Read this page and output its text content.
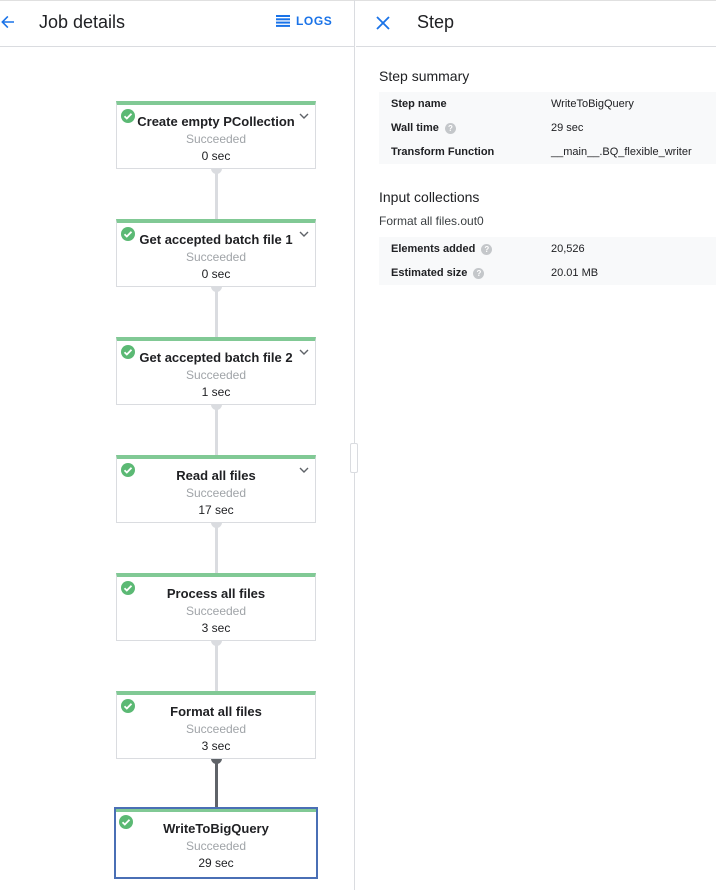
Job details	LOGS
Create empty PCollection
Succeeded
0 sec
Get accepted batch file 1
Succeeded
0 sec
Get accepted batch file 2
Succeeded
1 sec
Read all files
Succeeded
17 sec
Process all files
Succeeded
3 sec
Format all files
Succeeded
3 sec
WriteToBigQuery
Succeeded
29 sec
Step
Step summary
Step name	WriteToBigQuery
Wall time	?	29 sec
Transform Function	__main__.BQ_flexible_writer
Input collections
Format all files.out0
Elements added	?	20,526
Estimated size	?	20.01 MB
